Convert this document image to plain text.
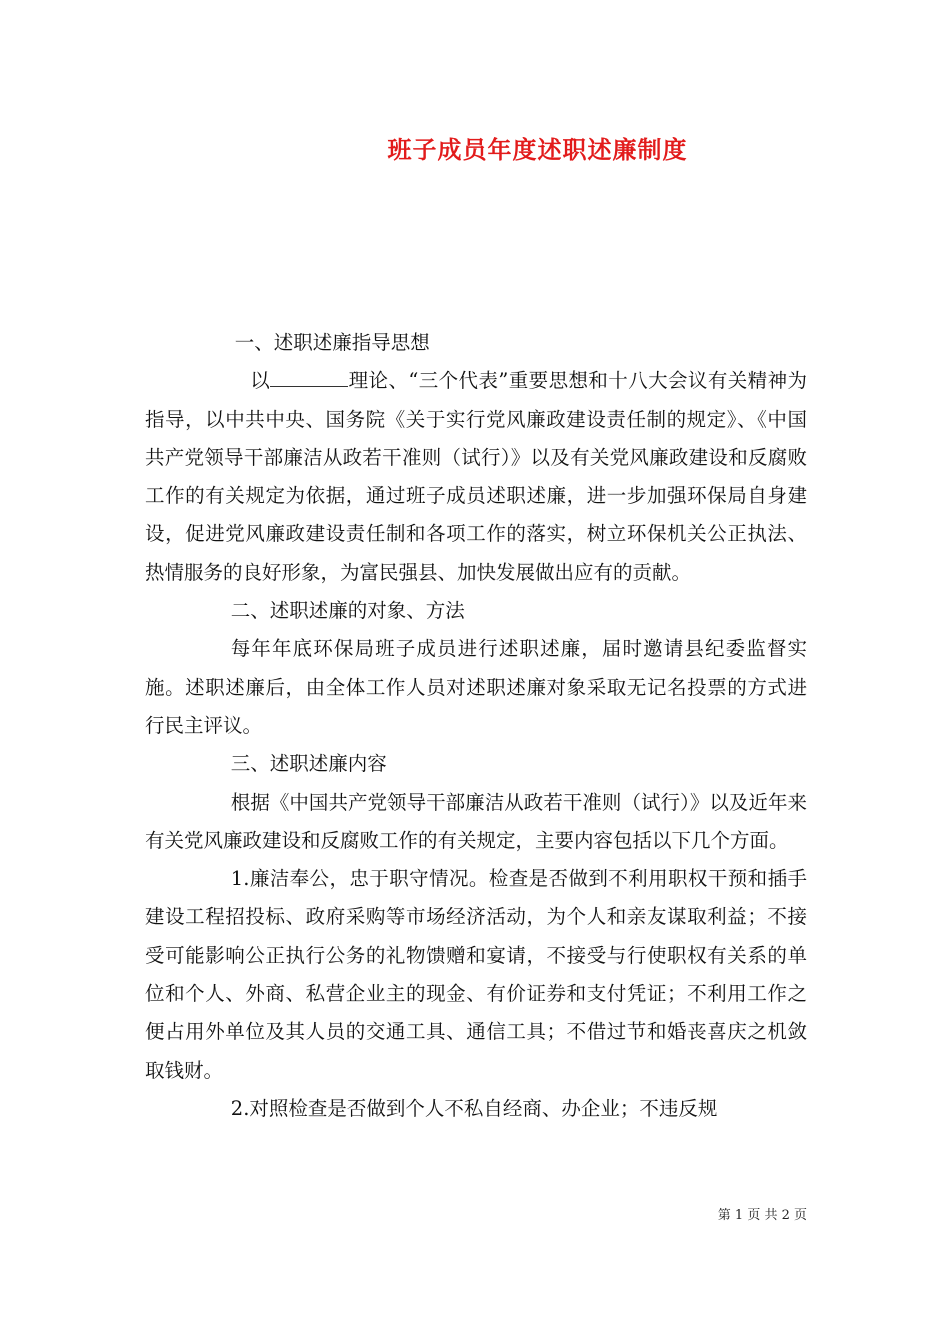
班子成员年度述职述廉制度

一、述职述廉指导思想

以	理论、“三个代表”重要思想和十八大会议有关精神为指导，以中共中央、国务院《关于实行党风廉政建设责任制的规定》、《中国共产党领导干部廉洁从政若干准则（试行）》以及有关党风廉政建设和反腐败工作的有关规定为依据，通过班子成员述职述廉，进一步加强环保局自身建设，促进党风廉政建设责任制和各项工作的落实，树立环保机关公正执法、热情服务的良好形象，为富民强县、加快发展做出应有的贡献。

二、述职述廉的对象、方法

每年年底环保局班子成员进行述职述廉，届时邀请县纪委监督实施。述职述廉后，由全体工作人员对述职述廉对象采取无记名投票的方式进行民主评议。

三、述职述廉内容

根据《中国共产党领导干部廉洁从政若干准则（试行）》以及近年来有关党风廉政建设和反腐败工作的有关规定，主要内容包括以下几个方面。

1.廉洁奉公，忠于职守情况。检查是否做到不利用职权干预和插手建设工程招投标、政府采购等市场经济活动，为个人和亲友谋取利益；不接受可能影响公正执行公务的礼物馈赠和宴请，不接受与行使职权有关系的单位和个人、外商、私营企业主的现金、有价证券和支付凭证；不利用工作之便占用外单位及其人员的交通工具、通信工具；不借过节和婚丧喜庆之机敛取钱财。

2.对照检查是否做到个人不私自经商、办企业；不违反规

第 1 页 共 2 页
